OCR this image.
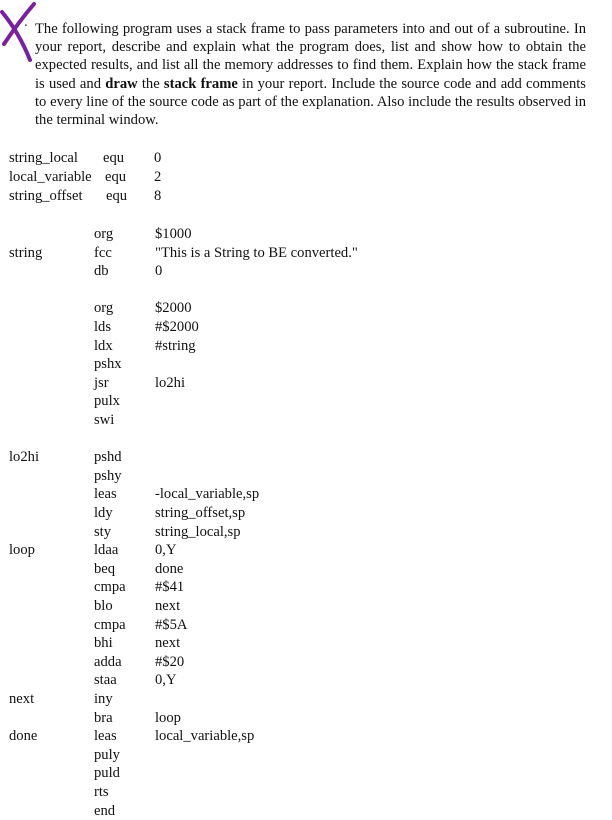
. The following program uses a stack frame to pass parameters into and out of a subroutine. In your report, describe and explain what the program does, list and show how to obtain the expected results, and list all the memory addresses to find them. Explain how the stack frame is used and draw the stack frame in your report. Include the source code and add comments to every line of the source code as part of the explanation. Also include the results observed in the terminal window.
string_local equ 0
local_variable equ 2
string_offset equ 8
org	$1000
string	fcc	"This is a String to BE converted."
db	0
org	$2000
lds	#$2000
ldx	#string
pshx
jsr	lo2hi
pulx
swi
lo2hi	pshd
pshy
leas	-local_variable,sp
ldy	string_offset,sp
sty	string_local,sp
loop	ldaa	0,Y
beq	done
cmpa #$41
blo	next
cmpa #$5A
bhi	next
adda #$20
staa	0,Y
next	iny
bra	loop
done	leas	local_variable,sp
puly
puld
rts
end
